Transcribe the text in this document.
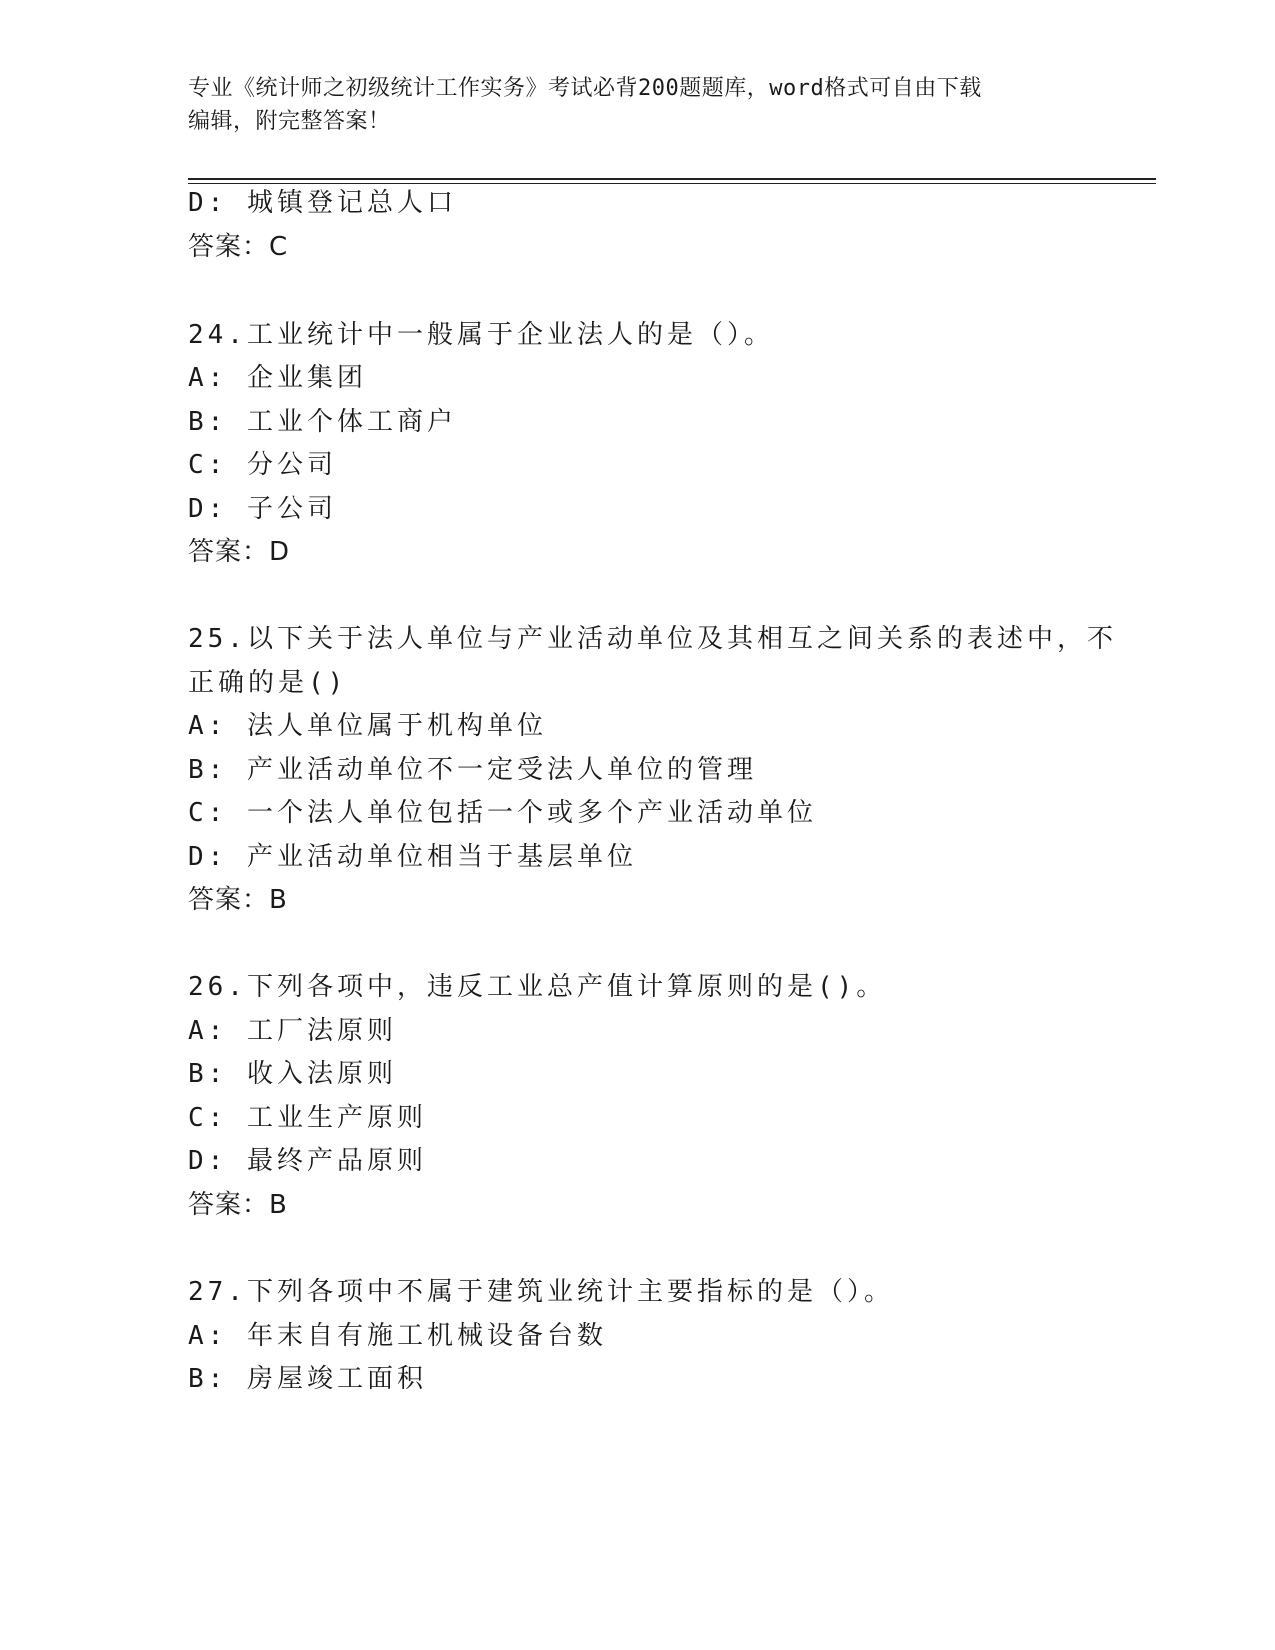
专业《统计师之初级统计工作实务》考试必背200题题库，word格式可自由下载
编辑，附完整答案！
D: 城镇登记总人口
答案：C
24.工业统计中一般属于企业法人的是（）。
A: 企业集团
B: 工业个体工商户
C: 分公司
D: 子公司
答案：D
25.以下关于法人单位与产业活动单位及其相互之间关系的表述中，不
正确的是()
A: 法人单位属于机构单位
B: 产业活动单位不一定受法人单位的管理
C: 一个法人单位包括一个或多个产业活动单位
D: 产业活动单位相当于基层单位
答案：B
26.下列各项中，违反工业总产值计算原则的是()。
A: 工厂法原则
B: 收入法原则
C: 工业生产原则
D: 最终产品原则
答案：B
27.下列各项中不属于建筑业统计主要指标的是（）。
A: 年末自有施工机械设备台数
B: 房屋竣工面积
